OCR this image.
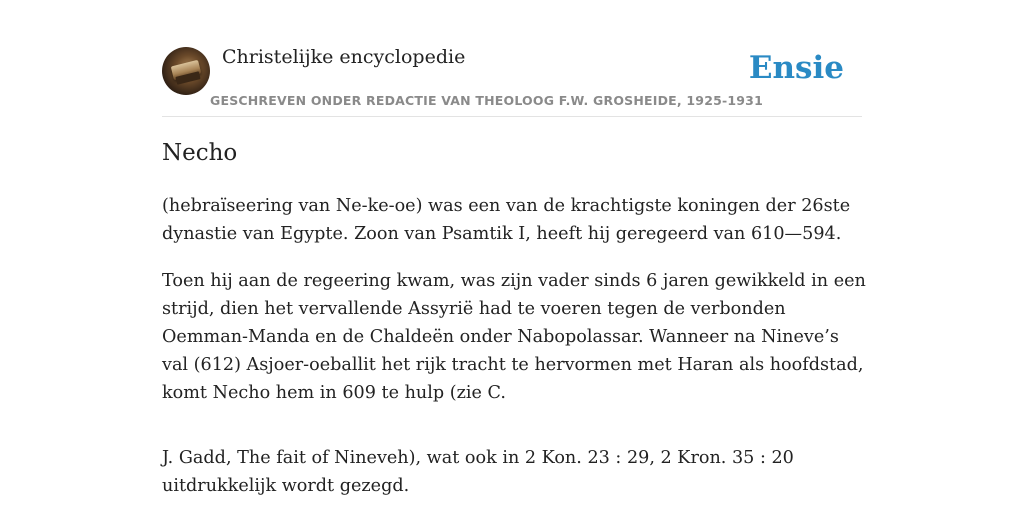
Christelijke encyclopedie
GESCHREVEN ONDER REDACTIE VAN THEOLOOG F.W. GROSHEIDE, 1925-1931
Ensie
Necho

(hebraïseering van Ne-ke-oe) was een van de krachtigste koningen der 26ste dynastie van Egypte. Zoon van Psamtik I, heeft hij geregeerd van 610—594.

Toen hij aan de regeering kwam, was zijn vader sinds 6 jaren gewikkeld in een strijd, dien het vervallende Assyrië had te voeren tegen de verbonden Oemman-Manda en de Chaldeën onder Nabopolassar. Wanneer na Nineve’s val (612) Asjoer-oeballit het rijk tracht te hervormen met Haran als hoofdstad, komt Necho hem in 609 te hulp (zie C.

J. Gadd, The fait of Nineveh), wat ook in 2 Kon. 23 : 29, 2 Kron. 35 : 20 uitdrukkelijk wordt gezegd.
